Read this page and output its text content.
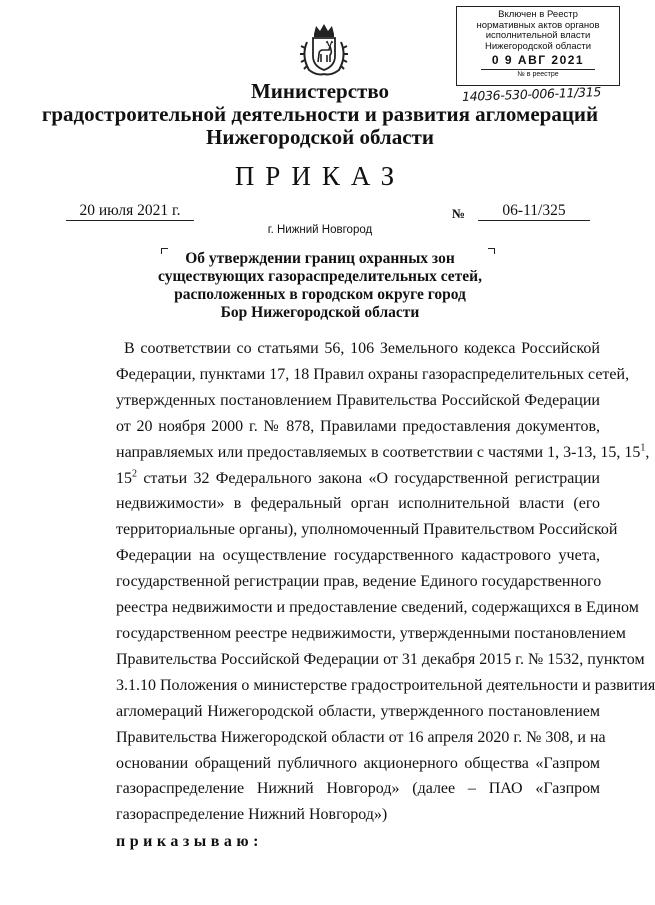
Включен в Реестр
нормативных актов органов
исполнительной власти
Нижегородской области
0 9 АВГ 2021
№ в реестре
14036-530-006-11/315
Министерство
градостроительной деятельности и развития агломераций
Нижегородской области
ПРИКАЗ
20 июля 2021 г.	№	06-11/325
г. Нижний Новгород
Об утверждении границ охранных зон
существующих газораспределительных сетей,
расположенных в городском округе город
Бор Нижегородской области
В соответствии со статьями 56, 106 Земельного кодекса Российской
Федерации, пунктами 17, 18 Правил охраны газораспределительных сетей,
утвержденных постановлением Правительства Российской Федерации
от 20 ноября 2000 г. № 878, Правилами предоставления документов,
направляемых или предоставляемых в соответствии с частями 1, 3-13, 15, $15^1$,
$15^2$ статьи 32 Федерального закона «О государственной регистрации
недвижимости» в федеральный орган исполнительной власти (его
территориальные органы), уполномоченный Правительством Российской
Федерации на осуществление государственного кадастрового учета,
государственной регистрации прав, ведение Единого государственного
реестра недвижимости и предоставление сведений, содержащихся в Едином
государственном реестре недвижимости, утвержденными постановлением
Правительства Российской Федерации от 31 декабря 2015 г. № 1532, пунктом
3.1.10 Положения о министерстве градостроительной деятельности и развития
агломераций Нижегородской области, утвержденного постановлением
Правительства Нижегородской области от 16 апреля 2020 г. № 308, и на
основании обращений публичного акционерного общества «Газпром
газораспределение Нижний Новгород» (далее – ПАО «Газпром
газораспределение Нижний Новгород»)
приказываю:
